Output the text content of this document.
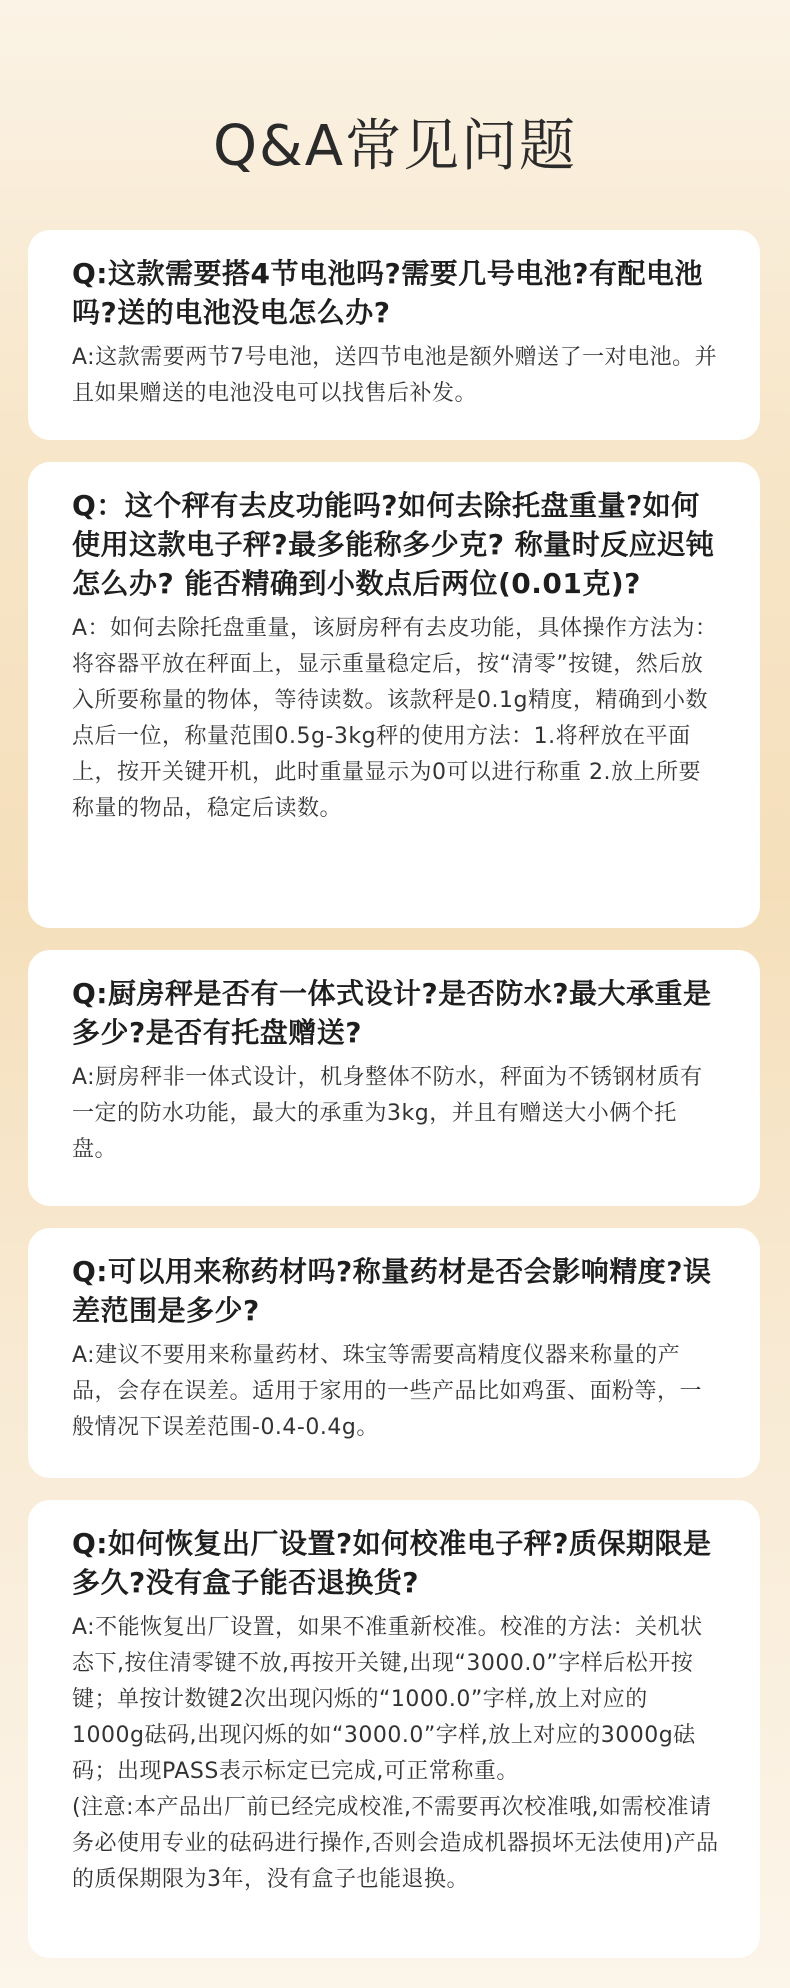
Q&A常见问题

Q:这款需要搭4节电池吗?需要几号电池?有配电池吗?送的电池没电怎么办?

A:这款需要两节7号电池，送四节电池是额外赠送了一对电池。并且如果赠送的电池没电可以找售后补发。

Q：这个秤有去皮功能吗?如何去除托盘重量?如何使用这款电子秤?最多能称多少克? 称量时反应迟钝怎么办? 能否精确到小数点后两位(0.01克)?

A：如何去除托盘重量，该厨房秤有去皮功能，具体操作方法为：将容器平放在秤面上，显示重量稳定后，按“清零”按键，然后放入所要称量的物体，等待读数。该款秤是0.1g精度，精确到小数点后一位，称量范围0.5g-3kg秤的使用方法：1.将秤放在平面上，按开关键开机，此时重量显示为0可以进行称重 2.放上所要称量的物品，稳定后读数。

Q:厨房秤是否有一体式设计?是否防水?最大承重是多少?是否有托盘赠送?

A:厨房秤非一体式设计，机身整体不防水，秤面为不锈钢材质有一定的防水功能，最大的承重为3kg，并且有赠送大小俩个托盘。

Q:可以用来称药材吗?称量药材是否会影响精度?误差范围是多少?

A:建议不要用来称量药材、珠宝等需要高精度仪器来称量的产品，会存在误差。适用于家用的一些产品比如鸡蛋、面粉等，一般情况下误差范围-0.4-0.4g。

Q:如何恢复出厂设置?如何校准电子秤?质保期限是多久?没有盒子能否退换货?

A:不能恢复出厂设置，如果不准重新校准。校准的方法：关机状态下,按住清零键不放,再按开关键,出现“3000.0”字样后松开按键；单按计数键2次出现闪烁的“1000.0”字样,放上对应的1000g砝码,出现闪烁的如“3000.0”字样,放上对应的3000g砝码；出现PASS表示标定已完成,可正常称重。

(注意:本产品出厂前已经完成校准,不需要再次校准哦,如需校准请务必使用专业的砝码进行操作,否则会造成机器损坏无法使用)产品的质保期限为3年，没有盒子也能退换。
